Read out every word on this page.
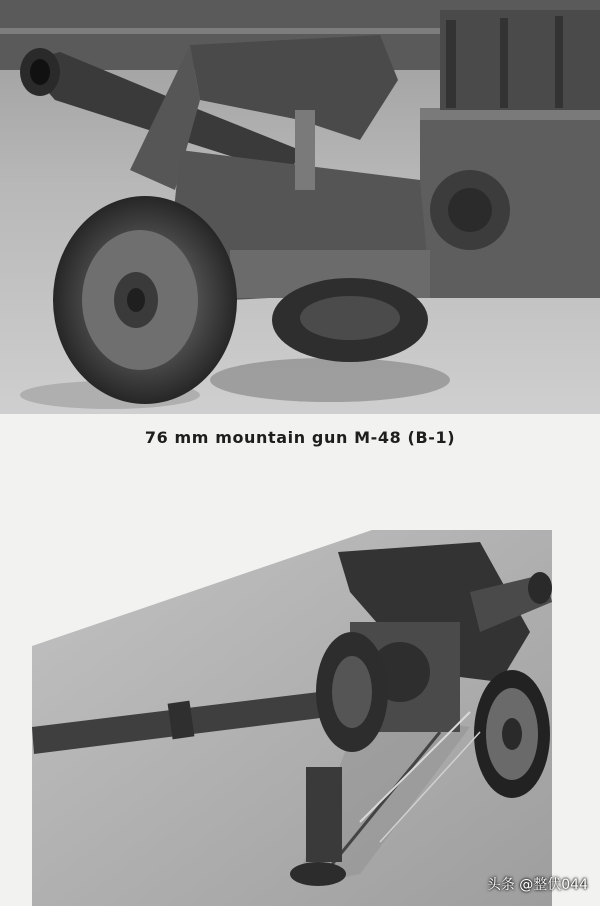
76 mm mountain gun M-48 (B-1)
头条 @整伏044
